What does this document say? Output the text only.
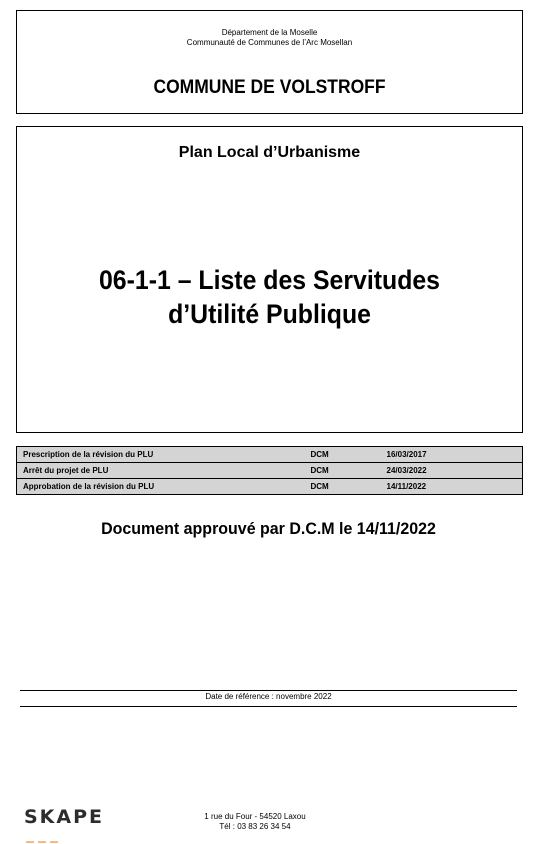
Département de la Moselle
Communauté de Communes de l’Arc Mosellan
COMMUNE DE VOLSTROFF
Plan Local d’Urbanisme
06-1-1 – Liste des Servitudes
d’Utilité Publique
Prescription de la révision du PLU	DCM	16/03/2017
Arrêt du projet de PLU	DCM	24/03/2022
Approbation de la révision du PLU	DCM	14/11/2022
Document approuvé par D.C.M le 14/11/2022
Date de référence : novembre 2022
SKAPE	1 rue du Four - 54520 Laxou
Tél : 03 83 26 34 54
